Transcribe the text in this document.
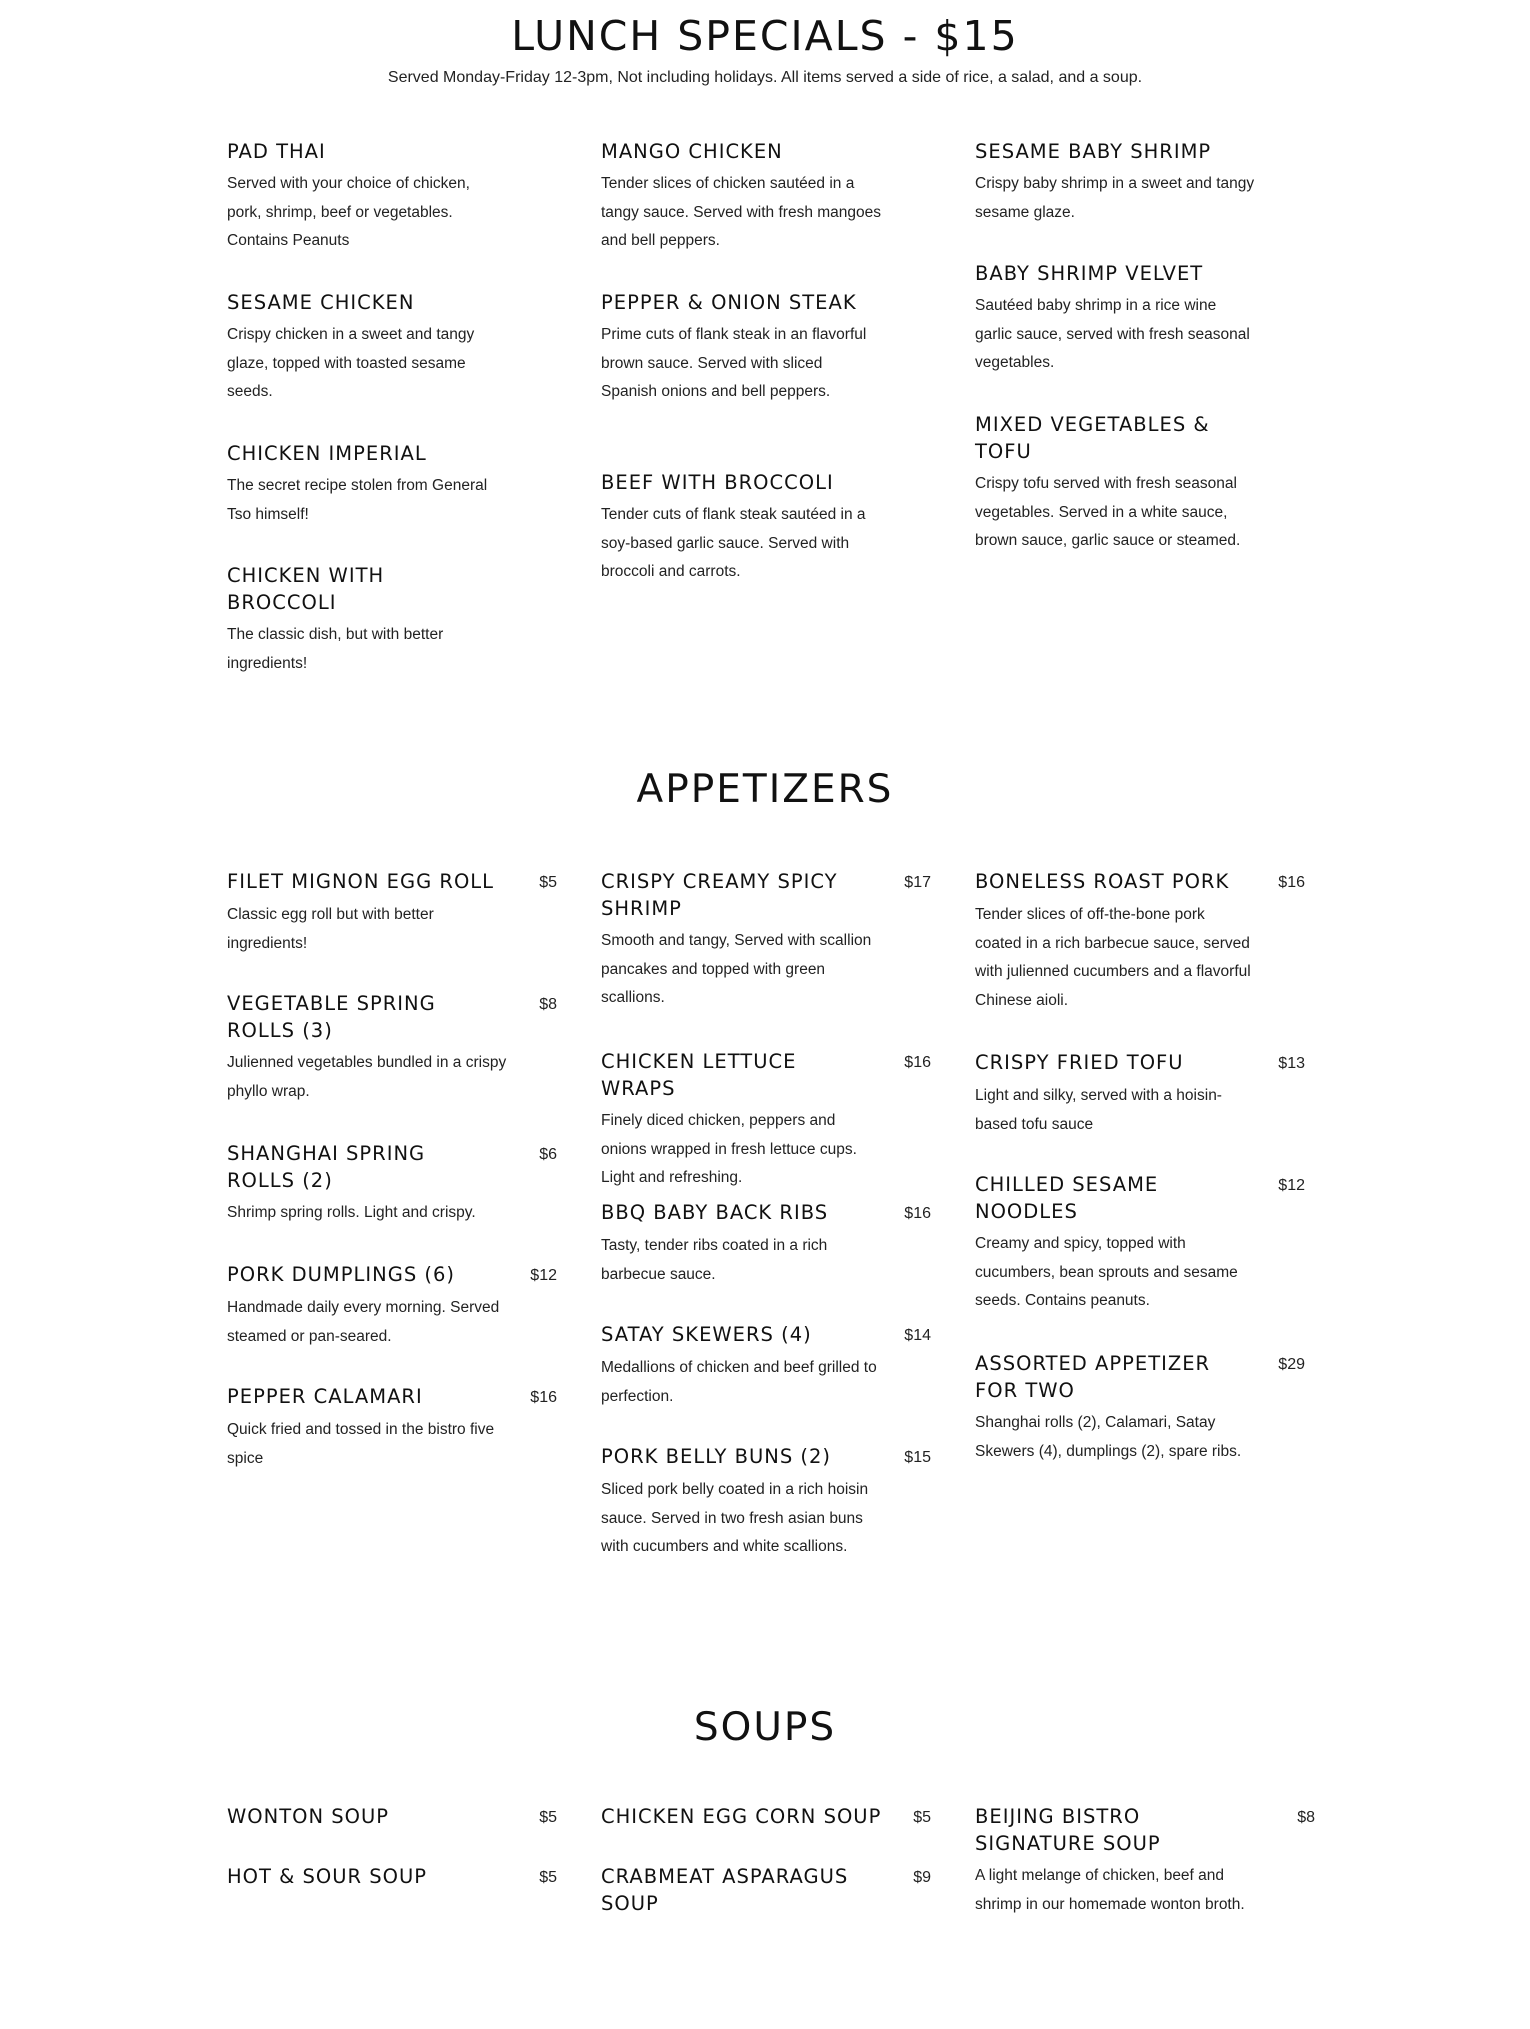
LUNCH SPECIALS - $15
Served Monday-Friday 12-3pm, Not including holidays. All items served a side of rice, a salad, and a soup.
PAD THAI
Served with your choice of chicken, pork, shrimp, beef or vegetables. Contains Peanuts
SESAME CHICKEN
Crispy chicken in a sweet and tangy glaze, topped with toasted sesame seeds.
CHICKEN IMPERIAL
The secret recipe stolen from General Tso himself!
CHICKEN WITH BROCCOLI
The classic dish, but with better ingredients!
MANGO CHICKEN
Tender slices of chicken sautéed in a tangy sauce. Served with fresh mangoes and bell peppers.
PEPPER & ONION STEAK
Prime cuts of flank steak in an flavorful brown sauce. Served with sliced Spanish onions and bell peppers.
BEEF WITH BROCCOLI
Tender cuts of flank steak sautéed in a soy-based garlic sauce. Served with broccoli and carrots.
SESAME BABY SHRIMP
Crispy baby shrimp in a sweet and tangy sesame glaze.
BABY SHRIMP VELVET
Sautéed baby shrimp in a rice wine garlic sauce, served with fresh seasonal vegetables.
MIXED VEGETABLES & TOFU
Crispy tofu served with fresh seasonal vegetables. Served in a white sauce, brown sauce, garlic sauce or steamed.
APPETIZERS
FILET MIGNON EGG ROLL	$5
Classic egg roll but with better ingredients!
VEGETABLE SPRING ROLLS (3)
$8
Julienned vegetables bundled in a crispy phyllo wrap.
SHANGHAI SPRING ROLLS (2)
$6
Shrimp spring rolls. Light and crispy.
PORK DUMPLINGS (6)	$12
Handmade daily every morning. Served steamed or pan-seared.
PEPPER CALAMARI	$16
Quick fried and tossed in the bistro five spice
CRISPY CREAMY SPICY SHRIMP
$17
Smooth and tangy, Served with scallion pancakes and topped with green scallions.
CHICKEN LETTUCE WRAPS
$16
Finely diced chicken, peppers and onions wrapped in fresh lettuce cups. Light and refreshing.
BBQ BABY BACK RIBS	$16
Tasty, tender ribs coated in a rich barbecue sauce.
SATAY SKEWERS (4)	$14
Medallions of chicken and beef grilled to perfection.
PORK BELLY BUNS (2)	$15
Sliced pork belly coated in a rich hoisin sauce. Served in two fresh asian buns with cucumbers and white scallions.
BONELESS ROAST PORK	$16
Tender slices of off-the-bone pork coated in a rich barbecue sauce, served with julienned cucumbers and a flavorful Chinese aioli.
CRISPY FRIED TOFU	$13
Light and silky, served with a hoisin-based tofu sauce
CHILLED SESAME NOODLES
$12
Creamy and spicy, topped with cucumbers, bean sprouts and sesame seeds. Contains peanuts.
ASSORTED APPETIZER FOR TWO
$29
Shanghai rolls (2), Calamari, Satay Skewers (4), dumplings (2), spare ribs.
SOUPS
WONTON SOUP	$5
HOT & SOUR SOUP	$5
CHICKEN EGG CORN SOUP	$5
CRABMEAT ASPARAGUS SOUP
$9
BEIJING BISTRO SIGNATURE SOUP
$8
A light melange of chicken, beef and shrimp in our homemade wonton broth.
